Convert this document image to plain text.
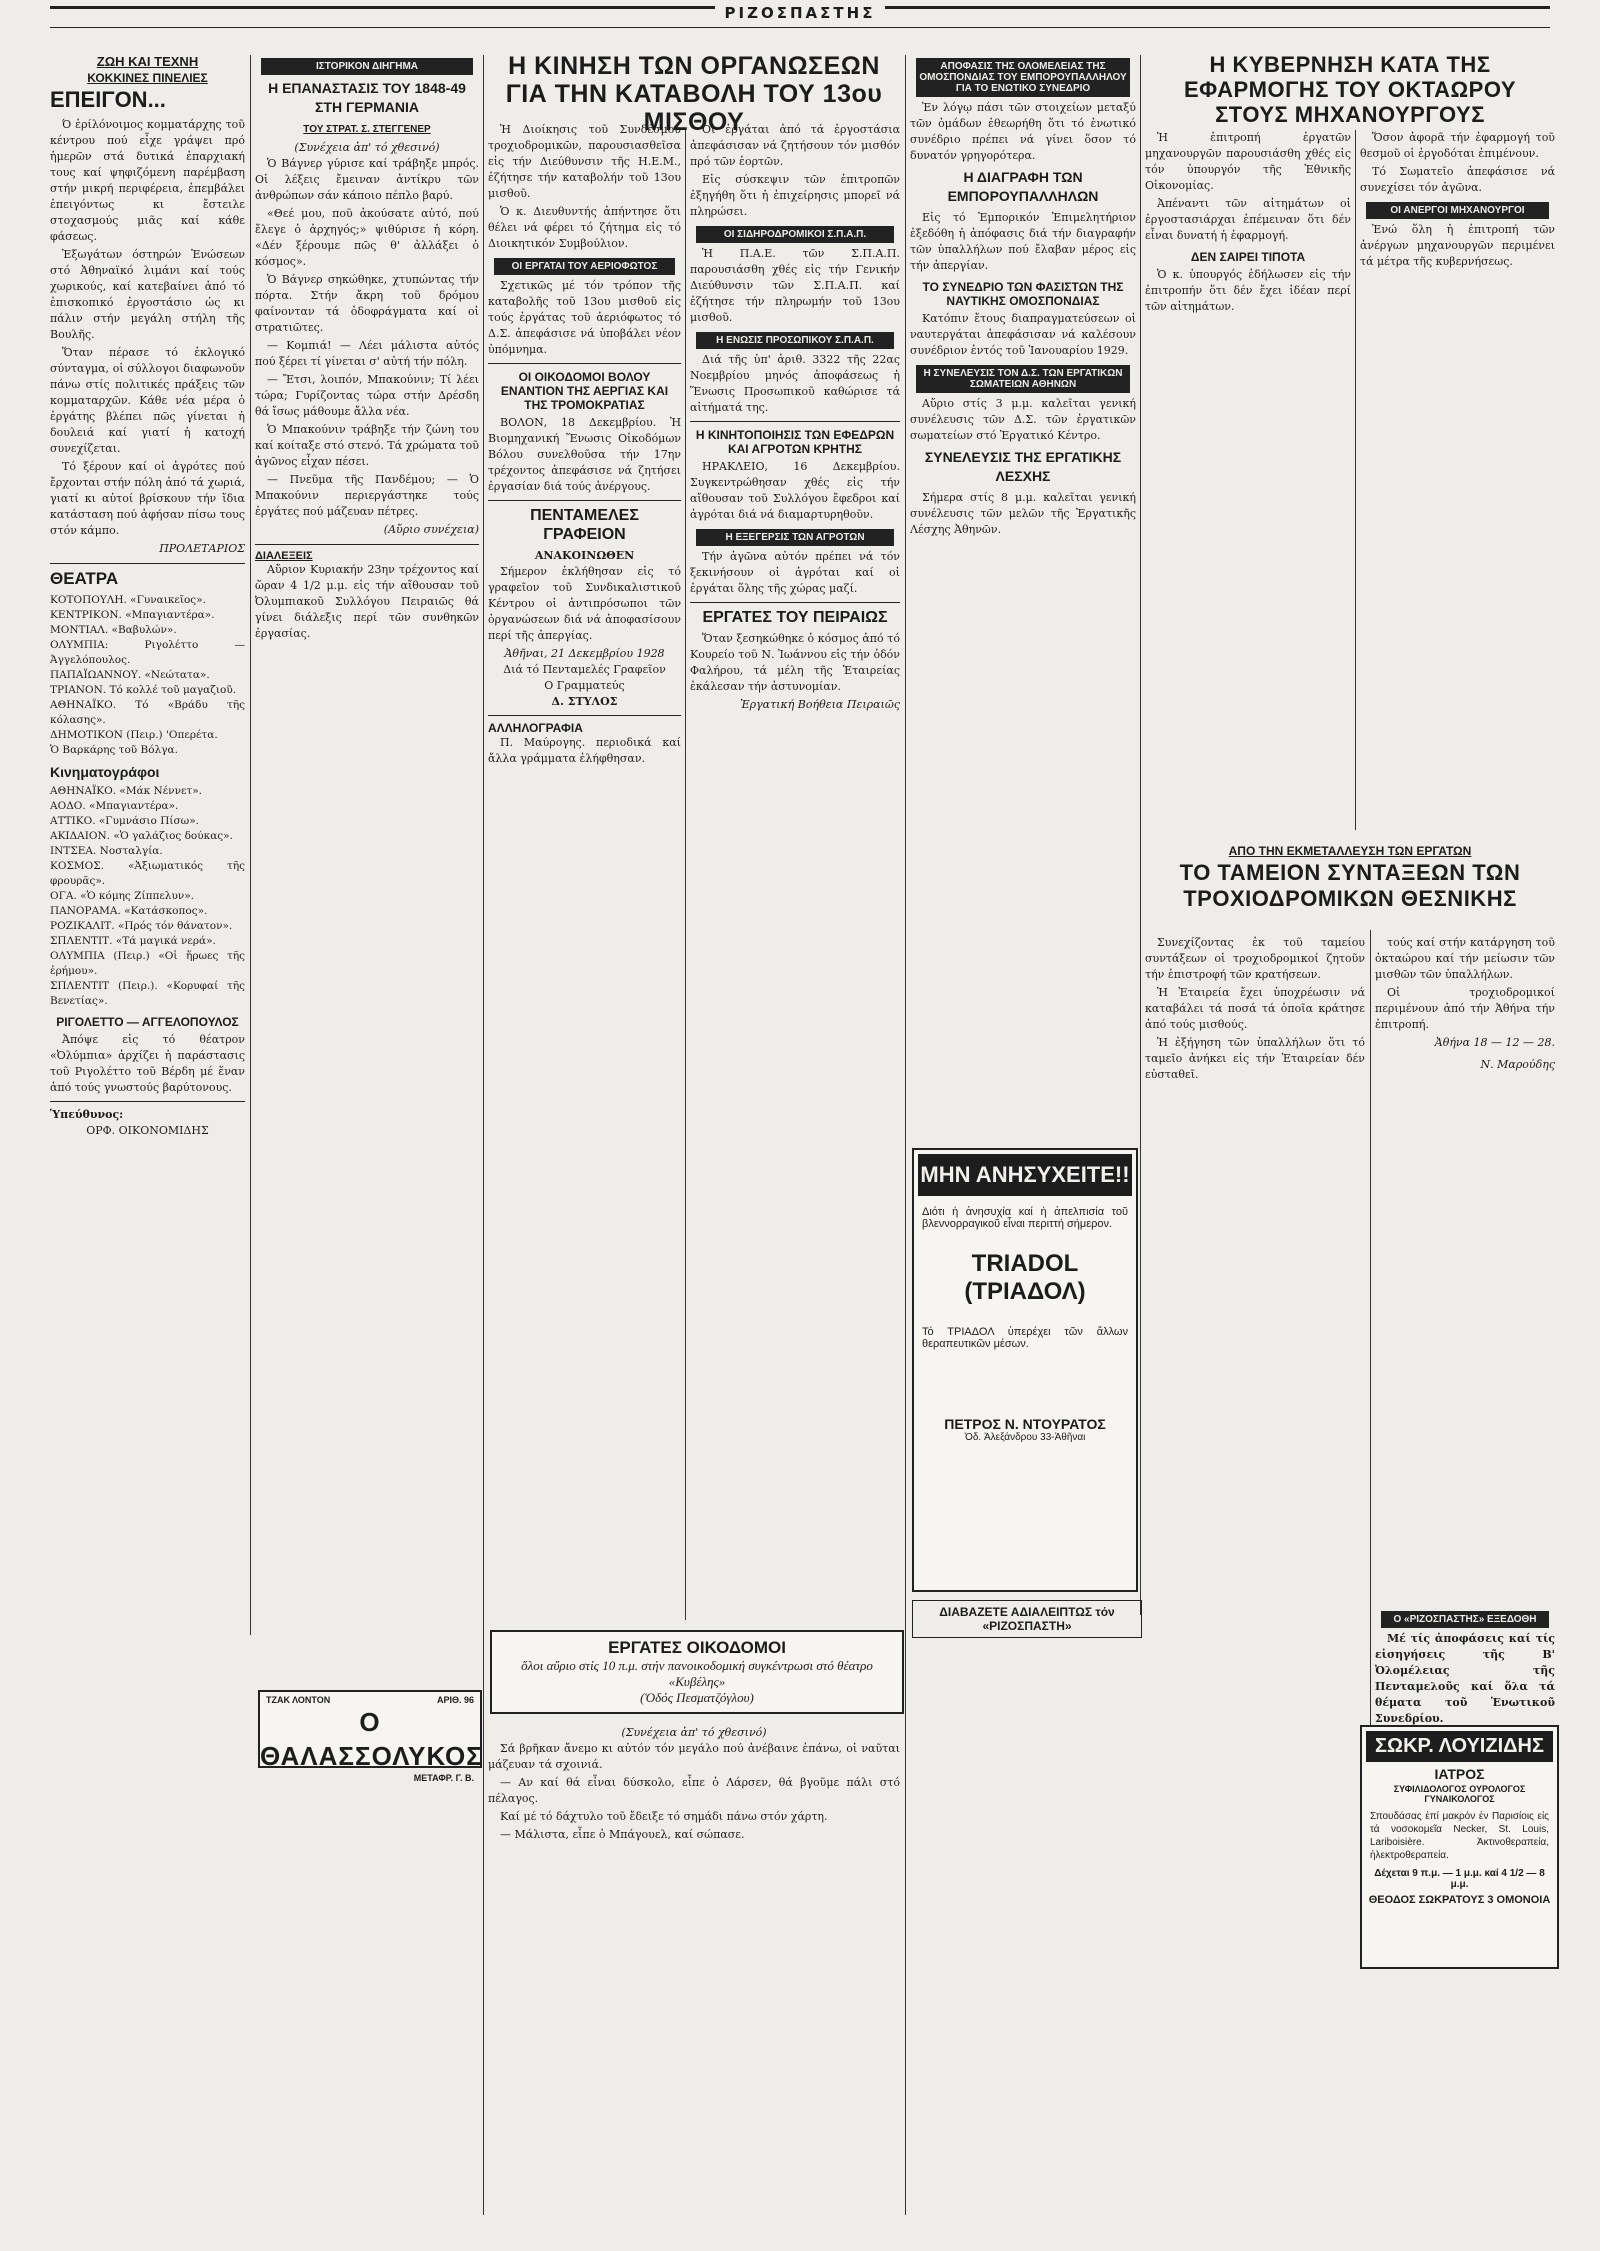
ΡΙΖΟΣΠΑΣΤΗΣ
ΖΩΗ ΚΑΙ ΤΕΧΝΗ
ΚΟΚΚΙΝΕΣ ΠΙΝΕΛΙΕΣ
ΕΠΕΙΓΟΝ...

Ό ἐρίλόνοιμος κομματάρχης τοῦ κέντρου πού εἶχε γράψει πρό ἡμερῶν στά δυτικά ἐπαρχιακή τους καί ψηφιζόμενη παρέμβαση στήν μικρή περιφέρεια, ἐπεμβάλει ἐπειγόντως κι ἔστειλε στοχασμούς μιᾶς καί κάθε φάσεως.

Ἐξωγάτων όστηρών Ἑνώσεων στό Ἀθηναϊκό λιμάνι καί τούς χωρικούς, καί κατεβαίνει ἀπό τό ἐπισκοπικό ἐργοστάσιο ὡς κι πάλιν στήν μεγάλη στήλη τῆς Βουλῆς.

Ὅταν πέρασε τό ἐκλογικό σύνταγμα, οἱ σύλλογοι διαφωνοῦν πάνω στίς πολιτικές πράξεις τῶν κομματαρχῶν. Κάθε νέα μέρα ὁ ἐργάτης βλέπει πῶς γίνεται ἡ δουλειά καί γιατί ἡ κατοχή συνεχίζεται.

Τό ξέρουν καί οἱ ἀγρότες πού ἔρχονται στήν πόλη ἀπό τά χωριά, γιατί κι αὐτοί βρίσκουν τήν ἴδια κατάσταση πού ἀφήσαν πίσω τους στόν κάμπο.

ΠΡΟΛΕΤΑΡΙΟΣ
ΘΕΑΤΡΑ
ΚΟΤΟΠΟΥΛΗ. «Γυναικεῖος».
ΚΕΝΤΡΙΚΟΝ. «Μπαγιαντέρα».
ΜΟΝΤΙΑΛ. «Βαβυλών».
ΟΛΥΜΠΙΑ: Ριγολέττο — Ἀγγελόπουλος.
ΠΑΠΑΪΩΑΝΝΟΥ. «Νεώτατα».
ΤΡΙΑΝΟΝ. Τό κολλέ τοῦ μαγαζιοῦ.
ΑΘΗΝΑΪΚΟ. Τό «Βράδυ τῆς κόλασης».
ΔΗΜΟΤΙΚΟΝ (Πειρ.) 'Οπερέτα.
Ὁ Βαρκάρης τοῦ Βόλγα.
Κινηματογράφοι
ΑΘΗΝΑΪΚΟ. «Μάκ Νέννετ».
ΑΟΔΟ. «Μπαγιαντέρα».
ΑΤΤΙΚΟ. «Γυμνάσιο Πίσω».
ΑΚΙΔΑΙΟΝ. «Ὁ γαλάζιος δούκας».
ΙΝΤΣΕΑ. Νοσταλγία.
ΚΟΣΜΟΣ. «Ἀξιωματικός τῆς φρουρᾶς».
ΟΓΑ. «Ὁ κόμης Ζίππελυν».
ΠΑΝΟΡΑΜΑ. «Κατάσκοπος».
ΡΟΖΙΚΑΛΙΤ. «Πρός τόν θάνατον».
ΣΠΛΕΝΤΙΤ. «Τά μαγικά νερά».
ΟΛΥΜΠΙΑ (Πειρ.) «Οἱ ἥρωες τῆς ἐρήμου».
ΣΠΛΕΝΤΙΤ (Πειρ.). «Κορυφαί τῆς Βενετίας».
ΡΙΓΟΛΕΤΤΟ — ΑΓΓΕΛΟΠΟΥΛΟΣ

Ἀπόψε εἰς τό θέατρον «Ὀλύμπια» ἀρχίζει ἡ παράστασις τοῦ Ριγολέττο τοῦ Βέρδη μέ ἕναν ἀπό τούς γνωστούς βαρύτονους.

Ὑπεύθυνος:
ΟΡΦ. ΟΙΚΟΝΟΜΙΔΗΣ
ΙΣΤΟΡΙΚΟΝ ΔΙΗΓΗΜΑ
Η ΕΠΑΝΑΣΤΑΣΙΣ ΤΟΥ 1848-49 ΣΤΗ ΓΕΡΜΑΝΙΑ
ΤΟΥ ΣΤΡΑΤ. Σ. ΣΤΕΓΓΕΝΕΡ
(Συνέχεια ἀπ' τό χθεσινό)

Ὁ Βάγνερ γύρισε καί τράβηξε μπρός. Οἱ λέξεις ἔμειναν ἀντίκρυ τῶν ἀνθρώπων σάν κάποιο πέπλο βαρύ.

«Θεέ μου, ποῦ ἀκούσατε αὐτό, πού ἔλεγε ὁ ἀρχηγός;» ψιθύρισε ἡ κόρη. «Δέν ξέρουμε πῶς θ' ἀλλάξει ὁ κόσμος».

Ὁ Βάγνερ σηκώθηκε, χτυπώντας τήν πόρτα. Στήν ἄκρη τοῦ δρόμου φαίνονταν τά ὁδοφράγματα καί οἱ στρατιῶτες.

— Κομπιά! — Λέει μάλιστα αὐτός πού ξέρει τί γίνεται σ' αὐτή τήν πόλη.

— Ἔτσι, λοιπόν, Μπακούνιν; Τί λέει τώρα; Γυρίζοντας τώρα στήν Δρέσδη θά ἴσως μάθουμε ἄλλα νέα.

Ὁ Μπακούνιν τράβηξε τήν ζώνη του καί κοίταξε στό στενό. Τά χρώματα τοῦ ἀγῶνος εἶχαν πέσει.

— Πνεῦμα τῆς Πανδέμου; — Ὁ Μπακούνιν περιεργάστηκε τούς ἐργάτες πού μάζευαν πέτρες.

(Αὔριο συνέχεια)
ΔΙΑΛΕΞΕΙΣ

Αὔριον Κυριακήν 23ην τρέχοντος καί ὥραν 4 1/2 μ.μ. εἰς τήν αἴθουσαν τοῦ Ὀλυμπιακοῦ Συλλόγου Πειραιῶς θά γίνει διάλεξις περί τῶν συνθηκῶν ἐργασίας.

ΤΖΑΚ ΛΟΝΤΟΝ	ΑΡΙΘ. 96
Ο ΘΑΛΑΣΣΟΛΥΚΟΣ
ΜΕΤΑΦΡ. Γ. Β.
Η ΚΙΝΗΣΗ ΤΩΝ ΟΡΓΑΝΩΣΕΩΝ
ΓΙΑ ΤΗΝ ΚΑΤΑΒΟΛΗ ΤΟΥ 13ου ΜΙΣΘΟΥ

Ἡ Διοίκησις τοῦ Συνδέσμου τροχιοδρομικῶν, παρουσιασθεῖσα εἰς τήν Διεύθυνσιν τῆς Η.Ε.Μ., ἐζήτησε τήν καταβολήν τοῦ 13ου μισθοῦ.

Ὁ κ. Διευθυντής ἀπήντησε ὅτι θέλει νά φέρει τό ζήτημα εἰς τό Διοικητικόν Συμβούλιον.

ΟΙ ΕΡΓΑΤΑΙ ΤΟΥ ΑΕΡΙΟΦΩΤΟΣ

Σχετικῶς μέ τόν τρόπον τῆς καταβολῆς τοῦ 13ου μισθοῦ εἰς τούς ἐργάτας τοῦ ἀεριόφωτος τό Δ.Σ. ἀπεφάσισε νά ὑποβάλει νέον ὑπόμνημα.

ΟΙ ΟΙΚΟΔΟΜΟΙ ΒΟΛΟΥ ΕΝΑΝΤΙΟΝ ΤΗΣ ΑΕΡΓΙΑΣ ΚΑΙ ΤΗΣ ΤΡΟΜΟΚΡΑΤΙΑΣ

ΒΟΛΟΝ, 18 Δεκεμβρίου. Ἡ Βιομηχανική Ἕνωσις Οἰκοδόμων Βόλου συνελθοῦσα τήν 17ην τρέχοντος ἀπεφάσισε νά ζητήσει ἐργασίαν διά τούς ἀνέργους.

ΠΕΝΤΑΜΕΛΕΣ ΓΡΑΦΕΙΟΝ
ΑΝΑΚΟΙΝΩΘΕΝ

Σήμερον ἐκλήθησαν εἰς τό γραφεῖον τοῦ Συνδικαλιστικοῦ Κέντρου οἱ ἀντιπρόσωποι τῶν ὀργανώσεων διά νά ἀποφασίσουν περί τῆς ἀπεργίας.

Ἀθῆναι, 21 Δεκεμβρίου 1928
Διά τό Πενταμελές Γραφεῖον
Ο Γραμματεύς
Δ. ΣΤΥΛΟΣ
ΑΛΛΗΛΟΓΡΑΦΙΑ

Π. Μαύρογης. περιοδικά καί ἄλλα γράμματα ἐλήφθησαν.

Οἱ ἐργάται ἀπό τά ἐργοστάσια ἀπεφάσισαν νά ζητήσουν τόν μισθόν πρό τῶν ἑορτῶν.

Εἰς σύσκεψιν τῶν ἐπιτροπῶν ἐξηγήθη ὅτι ἡ ἐπιχείρησις μπορεῖ νά πληρώσει.

ΟΙ ΣΙΔΗΡΟΔΡΟΜΙΚΟΙ Σ.Π.Α.Π.

Ἡ Π.Α.Ε. τῶν Σ.Π.Α.Π. παρουσιάσθη χθές εἰς τήν Γενικήν Διεύθυνσιν τῶν Σ.Π.Α.Π. καί ἐζήτησε τήν πληρωμήν τοῦ 13ου μισθοῦ.

Η ΕΝΩΣΙΣ ΠΡΟΣΩΠΙΚΟΥ Σ.Π.Α.Π.

Διά τῆς ὑπ' ἀριθ. 3322 τῆς 22ας Νοεμβρίου μηνός ἀποφάσεως ἡ Ἕνωσις Προσωπικοῦ καθώρισε τά αἰτήματά της.

Η ΚΙΝΗΤΟΠΟΙΗΣΙΣ ΤΩΝ ΕΦΕΔΡΩΝ ΚΑΙ ΑΓΡΟΤΩΝ ΚΡΗΤΗΣ

ΗΡΑΚΛΕΙΟ, 16 Δεκεμβρίου. Συγκεντρώθησαν χθές εἰς τήν αἴθουσαν τοῦ Συλλόγου ἔφεδροι καί ἀγρόται διά νά διαμαρτυρηθοῦν.

Η ΕΞΕΓΕΡΣΙΣ ΤΩΝ ΑΓΡΟΤΩΝ

Τήν ἀγῶνα αὐτόν πρέπει νά τόν ξεκινήσουν οἱ ἀγρόται καί οἱ ἐργάται ὅλης τῆς χώρας μαζί.

ΕΡΓΑΤΕΣ ΤΟΥ ΠΕΙΡΑΙΩΣ

Ὅταν ξεσηκώθηκε ὁ κόσμος ἀπό τό Κουρείο τοῦ Ν. Ἰωάννου εἰς τήν ὁδόν Φαλήρου, τά μέλη τῆς Ἑταιρείας ἐκάλεσαν τήν ἀστυνομίαν.

Ἐργατική Βοήθεια Πειραιῶς
ΕΡΓΑΤΕΣ ΟΙΚΟΔΟΜΟΙ
ὅλοι αὔριο στίς 10 π.μ. στήν πανοικοδομική συγκέντρωσι στό θέατρο «Κυβέλης»
(Ὁδός Πεσματζόγλου)
(Συνέχεια ἀπ' τό χθεσινό)

Σά βρῆκαν ἄνεμο κι αὐτόν τόν μεγάλο πού ἀνέβαινε ἐπάνω, οἱ ναῦται μάζευαν τά σχοινιά.

— Αν καί θά εἶναι δύσκολο, εἶπε ὁ Λάρσεν, θά βγοῦμε πάλι στό πέλαγος.

Καί μέ τό δάχτυλο τοῦ ἔδειξε τό σημάδι πάνω στόν χάρτη.

— Μάλιστα, εἶπε ὁ Μπάγουελ, καί σώπασε.

ΑΠΟΦΑΣΙΣ ΤΗΣ ΟΛΟΜΕΛΕΙΑΣ ΤΗΣ ΟΜΟΣΠΟΝΔΙΑΣ ΤΟΥ ΕΜΠΟΡΟΥΠΑΛΛΗΛΟΥ ΓΙΑ ΤΟ ΕΝΩΤΙΚΟ ΣΥΝΕΔΡΙΟ

Ἐν λόγῳ πάσι τῶν στοιχείων μεταξύ τῶν ὁμάδων ἐθεωρήθη ὅτι τό ἑνωτικό συνέδριο πρέπει νά γίνει ὅσον τό δυνατόν γρηγορότερα.

Η ΔΙΑΓΡΑΦΗ ΤΩΝ ΕΜΠΟΡΟΥΠΑΛΛΗΛΩΝ

Εἰς τό Ἐμπορικόν Ἐπιμελητήριον ἐξεδόθη ἡ ἀπόφασις διά τήν διαγραφήν τῶν ὑπαλλήλων πού ἔλαβαν μέρος εἰς τήν ἀπεργίαν.

ΤΟ ΣΥΝΕΔΡΙΟ ΤΩΝ ΦΑΣΙΣΤΩΝ ΤΗΣ ΝΑΥΤΙΚΗΣ ΟΜΟΣΠΟΝΔΙΑΣ

Κατόπιν ἔτους διαπραγματεύσεων οἱ ναυτεργάται ἀπεφάσισαν νά καλέσουν συνέδριον ἐντός τοῦ Ἰανουαρίου 1929.

Η ΣΥΝΕΛΕΥΣΙΣ ΤΟΝ Δ.Σ. ΤΩΝ ΕΡΓΑΤΙΚΩΝ ΣΩΜΑΤΕΙΩΝ ΑΘΗΝΩΝ

Αὔριο στίς 3 μ.μ. καλεῖται γενική συνέλευσις τῶν Δ.Σ. τῶν ἐργατικῶν σωματείων στό Ἐργατικό Κέντρο.

ΣΥΝΕΛΕΥΣΙΣ ΤΗΣ ΕΡΓΑΤΙΚΗΣ ΛΕΣΧΗΣ

Σήμερα στίς 8 μ.μ. καλεῖται γενική συνέλευσις τῶν μελῶν τῆς Ἐργατικῆς Λέσχης Ἀθηνῶν.

ΜΗΝ ΑΝΗΣΥΧΕΙΤΕ!!
Διότι ἡ ἀνησυχία καί ἡ ἀπελπισία τοῦ βλεννορραγικοῦ εἶναι περιττή σήμερον.
TRIADOL (ΤΡΙΑΔΟΛ)
Τό ΤΡΙΑΔΟΛ ὑπερέχει τῶν ἄλλων θεραπευτικῶν μέσων.
ΠΕΤΡΟΣ Ν. ΝΤΟΥΡΑΤΟΣ
Ὁδ. Ἀλεξάνδρου 33-Ἀθῆναι
ΔΙΑΒΑΖΕΤΕ ΑΔΙΑΛΕΙΠΤΩΣ τόν «ΡΙΖΟΣΠΑΣΤΗ»
Η ΚΥΒΕΡΝΗΣΗ ΚΑΤΑ ΤΗΣ ΕΦΑΡΜΟΓΗΣ ΤΟΥ ΟΚΤΑΩΡΟΥ ΣΤΟΥΣ ΜΗΧΑΝΟΥΡΓΟΥΣ

Ἡ ἐπιτροπή ἐργατῶν μηχανουργῶν παρουσιάσθη χθές εἰς τόν ὑπουργόν τῆς Ἐθνικῆς Οἰκονομίας.

Ἀπέναντι τῶν αἰτημάτων οἱ ἐργοστασιάρχαι ἐπέμειναν ὅτι δέν εἶναι δυνατή ἡ ἐφαρμογή.

ΔΕΝ ΣΑΙΡΕΙ ΤΙΠΟΤΑ

Ὁ κ. ὑπουργός ἐδήλωσεν εἰς τήν ἐπιτροπήν ὅτι δέν ἔχει ἰδέαν περί τῶν αἰτημάτων.

Ὅσον ἀφορᾶ τήν ἐφαρμογή τοῦ θεσμοῦ οἱ ἐργοδόται ἐπιμένουν.

Τό Σωματεῖο ἀπεφάσισε νά συνεχίσει τόν ἀγῶνα.

ΟΙ ΑΝΕΡΓΟΙ ΜΗΧΑΝΟΥΡΓΟΙ

Ἐνώ ὅλη ἡ ἐπιτροπή τῶν ἀνέργων μηχανουργῶν περιμένει τά μέτρα τῆς κυβερνήσεως.

ΑΠΟ ΤΗΝ ΕΚΜΕΤΑΛΛΕΥΣΗ ΤΩΝ ΕΡΓΑΤΩΝ
ΤΟ ΤΑΜΕΙΟΝ ΣΥΝΤΑΞΕΩΝ ΤΩΝ ΤΡΟΧΙΟΔΡΟΜΙΚΩΝ ΘΕΣΝΙΚΗΣ

Συνεχίζοντας ἐκ τοῦ ταμείου συντάξεων οἱ τροχιοδρομικοί ζητοῦν τήν ἐπιστροφή τῶν κρατήσεων.

Ἡ Ἑταιρεία ἔχει ὑποχρέωσιν νά καταβάλει τά ποσά τά ὁποῖα κράτησε ἀπό τούς μισθούς.

Ἡ ἐξήγηση τῶν ὑπαλλήλων ὅτι τό ταμεῖο ἀνήκει εἰς τήν Ἑταιρείαν δέν εὐσταθεῖ.

τούς καί στήν κατάργηση τοῦ ὀκταώρου καί τήν μείωσιν τῶν μισθῶν τῶν ὑπαλλήλων.

Οἱ τροχιοδρομικοί περιμένουν ἀπό τήν Ἀθήνα τήν ἐπιτροπή.

Ἀθήνα 18 — 12 — 28.
Ν. Μαρούδης
Ο «ΡΙΖΟΣΠΑΣΤΗΣ» ΕΞΕΔΟΘΗ

Μέ τίς ἀποφάσεις καί τίς εἰσηγήσεις τῆς Β' Ὀλομέλειας τῆς Πενταμελοῦς καί ὅλα τά θέματα τοῦ Ἑνωτικοῦ Συνεδρίου.

ΣΩΚΡ. ΛΟΥΙΖΙΔΗΣ
ΙΑΤΡΟΣ
ΣΥΦΙΛΙΔΟΛΟΓΟΣ ΟΥΡΟΛΟΓΟΣ ΓΥΝΑΙΚΟΛΟΓΟΣ
Σπουδάσας ἐπί μακρόν ἐν Παρισίοις εἰς τά νοσοκομεῖα Necker, St. Louis, Lariboisière. Ἀκτινοθεραπεία, ἠλεκτροθεραπεία.
Δέχεται 9 π.μ. — 1 μ.μ. καί 4 1/2 — 8 μ.μ.
ΘΕΟΔΟΣ ΣΩΚΡΑΤΟΥΣ 3 ΟΜΟΝΟΙΑ
